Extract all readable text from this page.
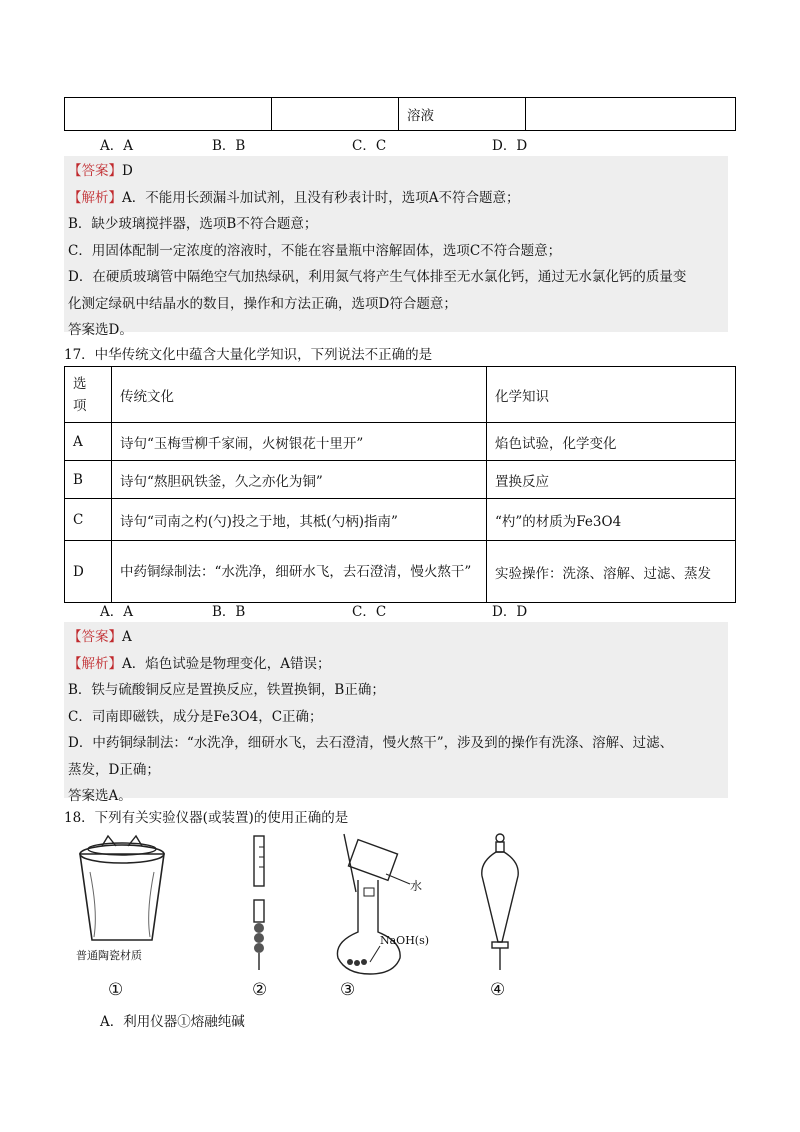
		溶液	
A．A	B．B	C．C	D．D

【答案】D

【解析】A．不能用长颈漏斗加试剂，且没有秒表计时，选项A不符合题意；

B．缺少玻璃搅拌器，选项B不符合题意；

C．用固体配制一定浓度的溶液时，不能在容量瓶中溶解固体，选项C不符合题意；

D．在硬质玻璃管中隔绝空气加热绿矾，利用氮气将产生气体排至无水氯化钙，通过无水氯化钙的质量变

化测定绿矾中结晶水的数目，操作和方法正确，选项D符合题意；

答案选D。

17．中华传统文化中蕴含大量化学知识，下列说法不正确的是
选
项	传统文化	化学知识
A	诗句“玉梅雪柳千家闹，火树银花十里开”	焰色试验，化学变化
B	诗句“熬胆矾铁釜，久之亦化为铜”	置换反应
C	诗句“司南之杓(勺)投之于地，其柢(勺柄)指南”	“杓”的材质为Fe3O4
D	中药铜绿制法：“水洗净，细研水飞，去石澄清，慢火熬干”	实验操作：洗涤、溶解、过滤、蒸发
A．A	B．B	C．C	D．D

【答案】A

【解析】A．焰色试验是物理变化，A错误；

B．铁与硫酸铜反应是置换反应，铁置换铜，B正确；

C．司南即磁铁，成分是Fe3O4，C正确；

D．中药铜绿制法：“水洗净，细研水飞，去石澄清，慢火熬干”，涉及到的操作有洗涤、溶解、过滤、

蒸发，D正确；

答案选A。

18．下列有关实验仪器(或装置)的使用正确的是
普通陶瓷材质
水
NaOH(s)
①	②	③	④
A．利用仪器①熔融纯碱
